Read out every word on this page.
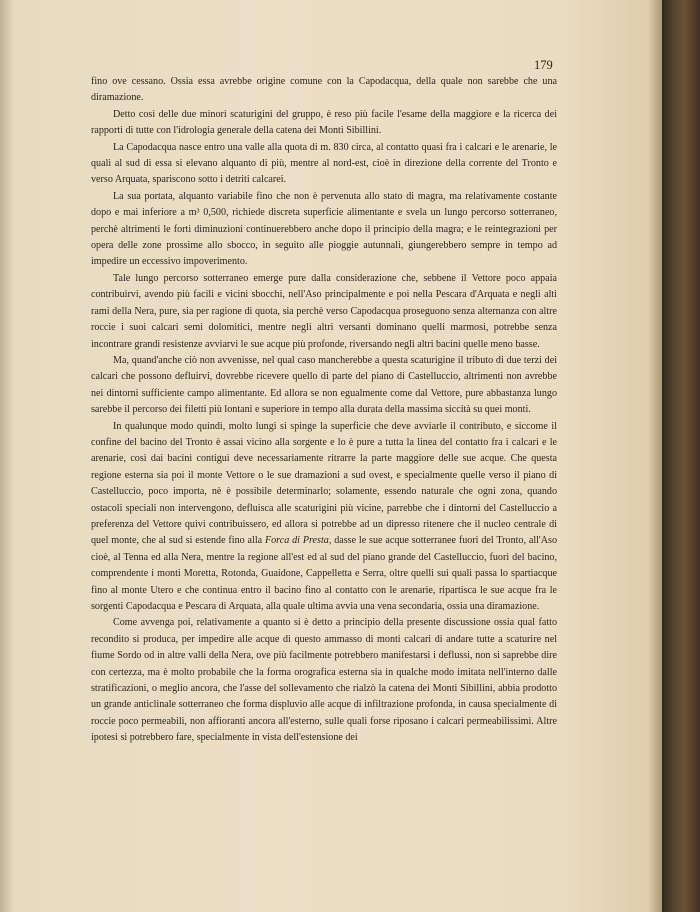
179

fino ove cessano. Ossia essa avrebbe origine comune con la Capodacqua, della quale non sarebbe che una diramazione.

Detto così delle due minori scaturigini del gruppo, è reso più facile l'esame della maggiore e la ricerca dei rapporti di tutte con l'idrologia generale della catena dei Monti Sibillini.

La Capodacqua nasce entro una valle alla quota di m. 830 circa, al contatto quasi fra i calcari e le arenarie, le quali al sud di essa si elevano alquanto di più, mentre al nord-est, cioè in direzione della corrente del Tronto e verso Arquata, spariscono sotto i detriti calcarei.

La sua portata, alquanto variabile fino che non è pervenuta allo stato di magra, ma relativamente costante dopo e mai inferiore a m³ 0,500, richiede discreta superficie alimentante e svela un lungo percorso sotterraneo, perchè altrimenti le forti diminuzioni continuerebbero anche dopo il principio della magra; e le reintegrazioni per opera delle zone prossime allo sbocco, in seguito alle pioggie autunnali, giungerebbero sempre in tempo ad impedire un eccessivo impoverimento.

Tale lungo percorso sotterraneo emerge pure dalla considerazione che, sebbene il Vettore poco appaia contribuirvi, avendo più facili e vicini sbocchi, nell'Aso principalmente e poi nella Pescara d'Arquata e negli alti rami della Nera, pure, sia per ragione di quota, sia perchè verso Capodacqua proseguono senza alternanza con altre roccie i suoi calcari semi dolomitici, mentre negli altri versanti dominano quelli marmosi, potrebbe senza incontrare grandi resistenze avviarvi le sue acque più profonde, riversando negli altri bacini quelle meno basse.

Ma, quand'anche ciò non avvenisse, nel qual caso mancherebbe a questa scaturigine il tributo di due terzi dei calcari che possono defluirvi, dovrebbe ricevere quello di parte del piano di Castelluccio, altrimenti non avrebbe nei dintorni sufficiente campo alimentante. Ed allora se non egualmente come dal Vettore, pure abbastanza lungo sarebbe il percorso dei filetti più lontani e superiore in tempo alla durata della massima siccità su quei monti.

In qualunque modo quindi, molto lungi si spinge la superficie che deve avviarle il contributo, e siccome il confine del bacino del Tronto è assai vicino alla sorgente e lo è pure a tutta la linea del contatto fra i calcari e le arenarie, così dai bacini contigui deve necessariamente ritrarre la parte maggiore delle sue acque. Che questa regione esterna sia poi il monte Vettore o le sue dramazioni a sud ovest, e specialmente quelle verso il piano di Castelluccio, poco importa, nè è possibile determinarlo; solamente, essendo naturale che ogni zona, quando ostacoli speciali non intervengono, defluisca alle scaturigini più vicine, parrebbe che i dintorni del Castelluccio a preferenza del Vettore quivi contribuissero, ed allora si potrebbe ad un dipresso ritenere che il nucleo centrale di quel monte, che al sud si estende fino alla Forca di Presta, dasse le sue acque sotterranee fuori del Tronto, all'Aso cioè, al Tenna ed alla Nera, mentre la regione all'est ed al sud del piano grande del Castelluccio, fuori del bacino, comprendente i monti Moretta, Rotonda, Guaidone, Cappelletta e Serra, oltre quelli sui quali passa lo spartiacque fino al monte Utero e che continua entro il bacino fino al contatto con le arenarie, ripartisca le sue acque fra le sorgenti Capodacqua e Pescara di Arquata, alla quale ultima avvia una vena secondaria, ossia una diramazione.

Come avvenga poi, relativamente a quanto si è detto a principio della presente discussione ossia qual fatto recondito si produca, per impedire alle acque di questo ammasso di monti calcari di andare tutte a scaturire nel fiume Sordo od in altre valli della Nera, ove più facilmente potrebbero manifestarsi i deflussi, non si saprebbe dire con certezza, ma è molto probabile che la forma orografica esterna sia in qualche modo imitata nell'interno dalle stratificazioni, o meglio ancora, che l'asse del sollevamento che rialzò la catena dei Monti Sibillini, abbia prodotto un grande anticlinale sotterraneo che forma displuvio alle acque di infiltrazione profonda, in causa specialmente di roccie poco permeabili, non affioranti ancora all'esterno, sulle quali forse riposano i calcari permeabilissimi. Altre ipotesi si potrebbero fare, specialmente in vista dell'estensione dei
